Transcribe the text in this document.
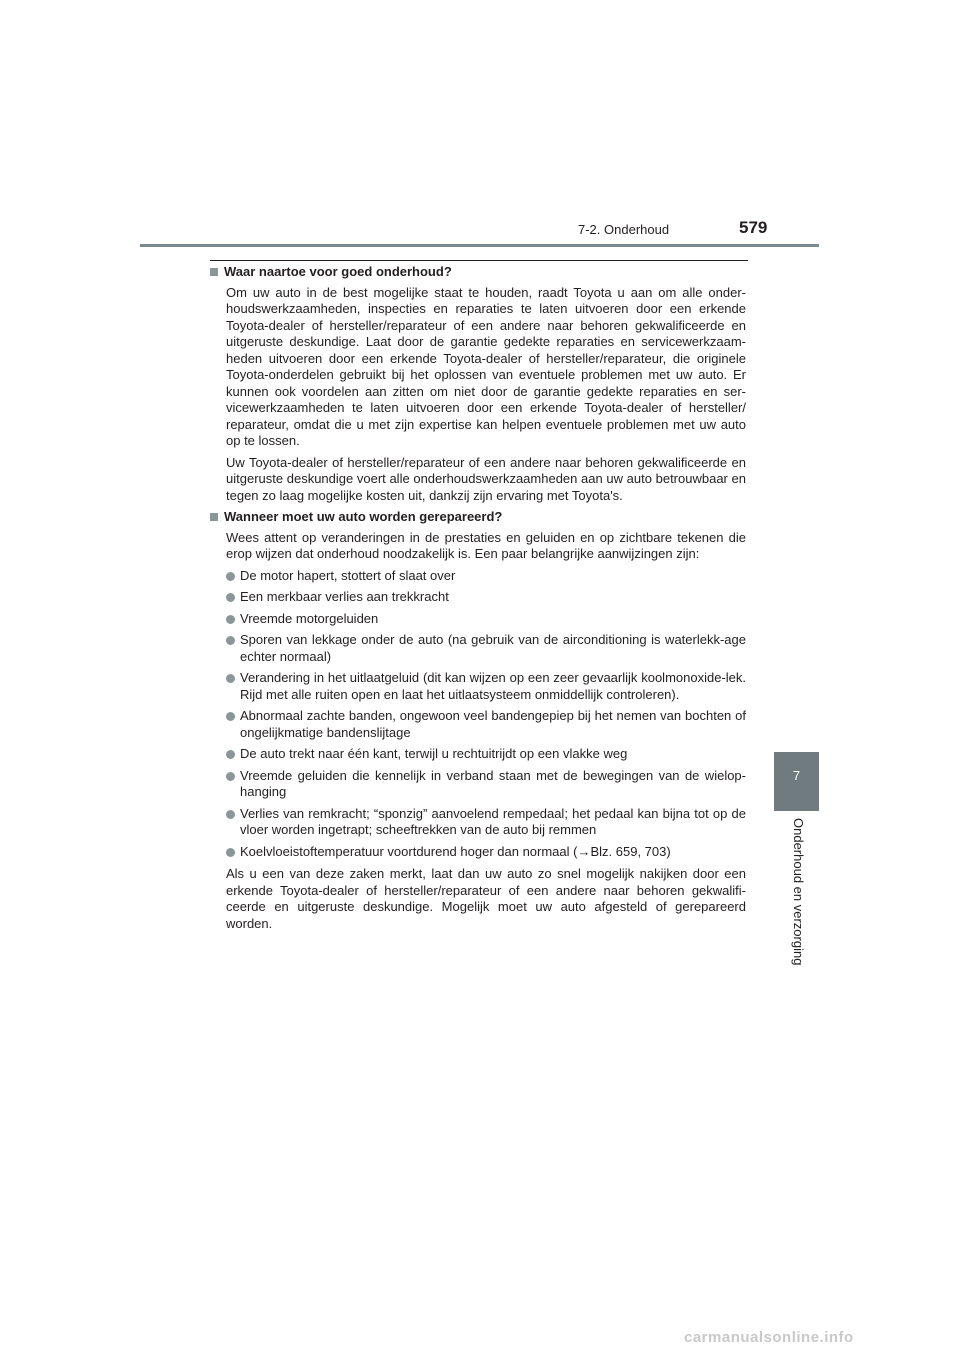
7-2. Onderhoud	579
7
Onderhoud en verzorging
Waar naartoe voor goed onderhoud?

Om uw auto in de best mogelijke staat te houden, raadt Toyota u aan om alle onder-houdswerkzaamheden, inspecties en reparaties te laten uitvoeren door een erkende Toyota-dealer of hersteller/reparateur of een andere naar behoren gekwalificeerde en uitgeruste deskundige. Laat door de garantie gedekte reparaties en servicewerkzaam-heden uitvoeren door een erkende Toyota-dealer of hersteller/reparateur, die originele Toyota-onderdelen gebruikt bij het oplossen van eventuele problemen met uw auto. Er kunnen ook voordelen aan zitten om niet door de garantie gedekte reparaties en ser-vicewerkzaamheden te laten uitvoeren door een erkende Toyota-dealer of hersteller/ reparateur, omdat die u met zijn expertise kan helpen eventuele problemen met uw auto op te lossen.

Uw Toyota-dealer of hersteller/reparateur of een andere naar behoren gekwalificeerde en uitgeruste deskundige voert alle onderhoudswerkzaamheden aan uw auto betrouwbaar en tegen zo laag mogelijke kosten uit, dankzij zijn ervaring met Toyota's.

Wanneer moet uw auto worden gerepareerd?

Wees attent op veranderingen in de prestaties en geluiden en op zichtbare tekenen die erop wijzen dat onderhoud noodzakelijk is. Een paar belangrijke aanwijzingen zijn:

De motor hapert, stottert of slaat over
Een merkbaar verlies aan trekkracht
Vreemde motorgeluiden
Sporen van lekkage onder de auto (na gebruik van de airconditioning is waterlekk-age echter normaal)
Verandering in het uitlaatgeluid (dit kan wijzen op een zeer gevaarlijk koolmonoxide-lek. Rijd met alle ruiten open en laat het uitlaatsysteem onmiddellijk controleren).
Abnormaal zachte banden, ongewoon veel bandengepiep bij het nemen van bochten of ongelijkmatige bandenslijtage
De auto trekt naar één kant, terwijl u rechtuitrijdt op een vlakke weg
Vreemde geluiden die kennelijk in verband staan met de bewegingen van de wielop-hanging
Verlies van remkracht; “sponzig” aanvoelend rempedaal; het pedaal kan bijna tot op de vloer worden ingetrapt; scheeftrekken van de auto bij remmen
Koelvloeistoftemperatuur voortdurend hoger dan normaal (→Blz. 659, 703)

Als u een van deze zaken merkt, laat dan uw auto zo snel mogelijk nakijken door een erkende Toyota-dealer of hersteller/reparateur of een andere naar behoren gekwalifi-ceerde en uitgeruste deskundige. Mogelijk moet uw auto afgesteld of gerepareerd worden.

carmanualsonline.info
